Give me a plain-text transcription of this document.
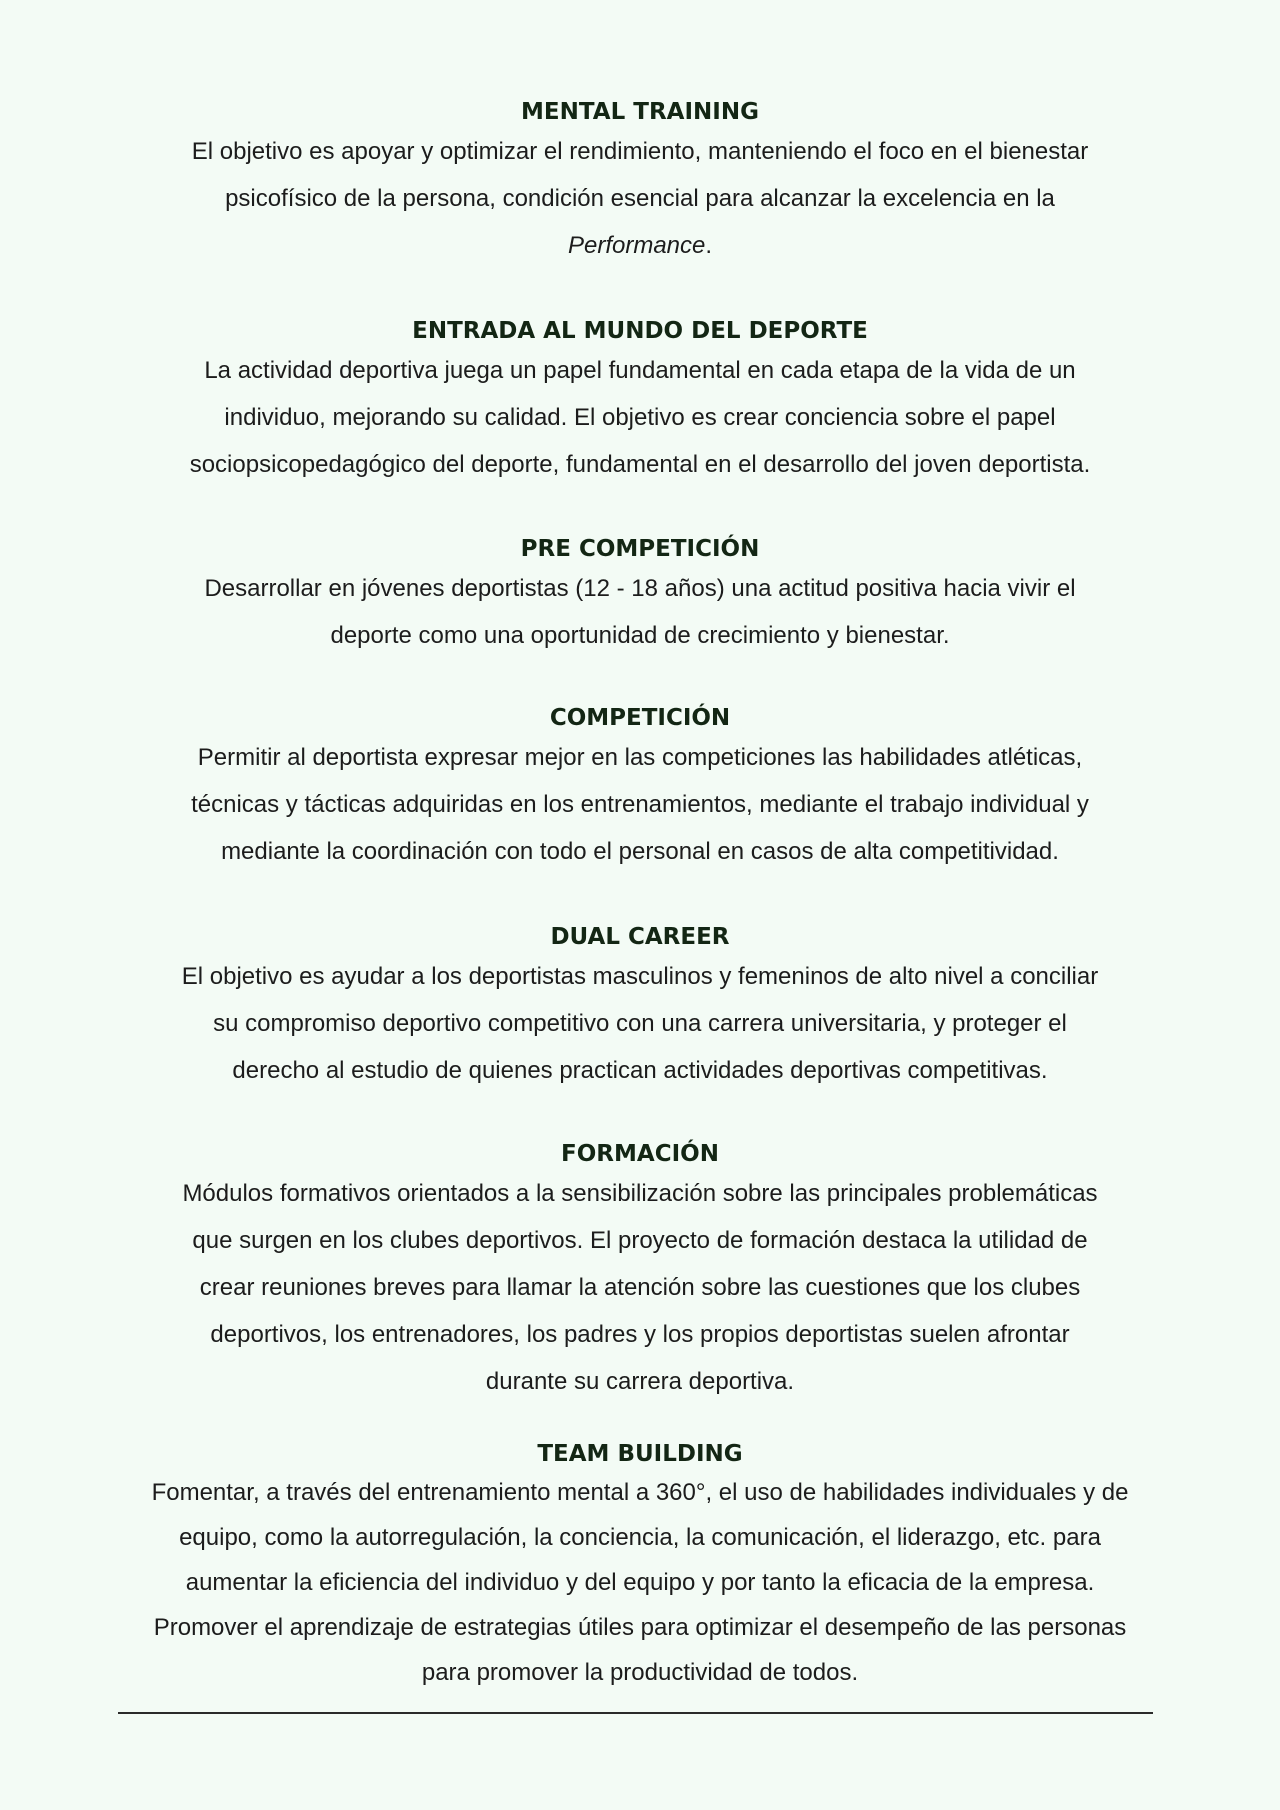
MENTAL TRAINING
El objetivo es apoyar y optimizar el rendimiento, manteniendo el foco en el bienestar
psicofísico de la persona, condición esencial para alcanzar la excelencia en la
Performance.
ENTRADA AL MUNDO DEL DEPORTE
La actividad deportiva juega un papel fundamental en cada etapa de la vida de un
individuo, mejorando su calidad. El objetivo es crear conciencia sobre el papel
sociopsicopedagógico del deporte, fundamental en el desarrollo del joven deportista.
PRE COMPETICIÓN
Desarrollar en jóvenes deportistas (12 - 18 años) una actitud positiva hacia vivir el
deporte como una oportunidad de crecimiento y bienestar.
COMPETICIÓN
Permitir al deportista expresar mejor en las competiciones las habilidades atléticas,
técnicas y tácticas adquiridas en los entrenamientos, mediante el trabajo individual y
mediante la coordinación con todo el personal en casos de alta competitividad.
DUAL CAREER
El objetivo es ayudar a los deportistas masculinos y femeninos de alto nivel a conciliar
su compromiso deportivo competitivo con una carrera universitaria, y proteger el
derecho al estudio de quienes practican actividades deportivas competitivas.
FORMACIÓN
Módulos formativos orientados a la sensibilización sobre las principales problemáticas
que surgen en los clubes deportivos. El proyecto de formación destaca la utilidad de
crear reuniones breves para llamar la atención sobre las cuestiones que los clubes
deportivos, los entrenadores, los padres y los propios deportistas suelen afrontar
durante su carrera deportiva.
TEAM BUILDING
Fomentar, a través del entrenamiento mental a 360°, el uso de habilidades individuales y de
equipo, como la autorregulación, la conciencia, la comunicación, el liderazgo, etc. para
aumentar la eficiencia del individuo y del equipo y por tanto la eficacia de la empresa.
Promover el aprendizaje de estrategias útiles para optimizar el desempeño de las personas
para promover la productividad de todos.
